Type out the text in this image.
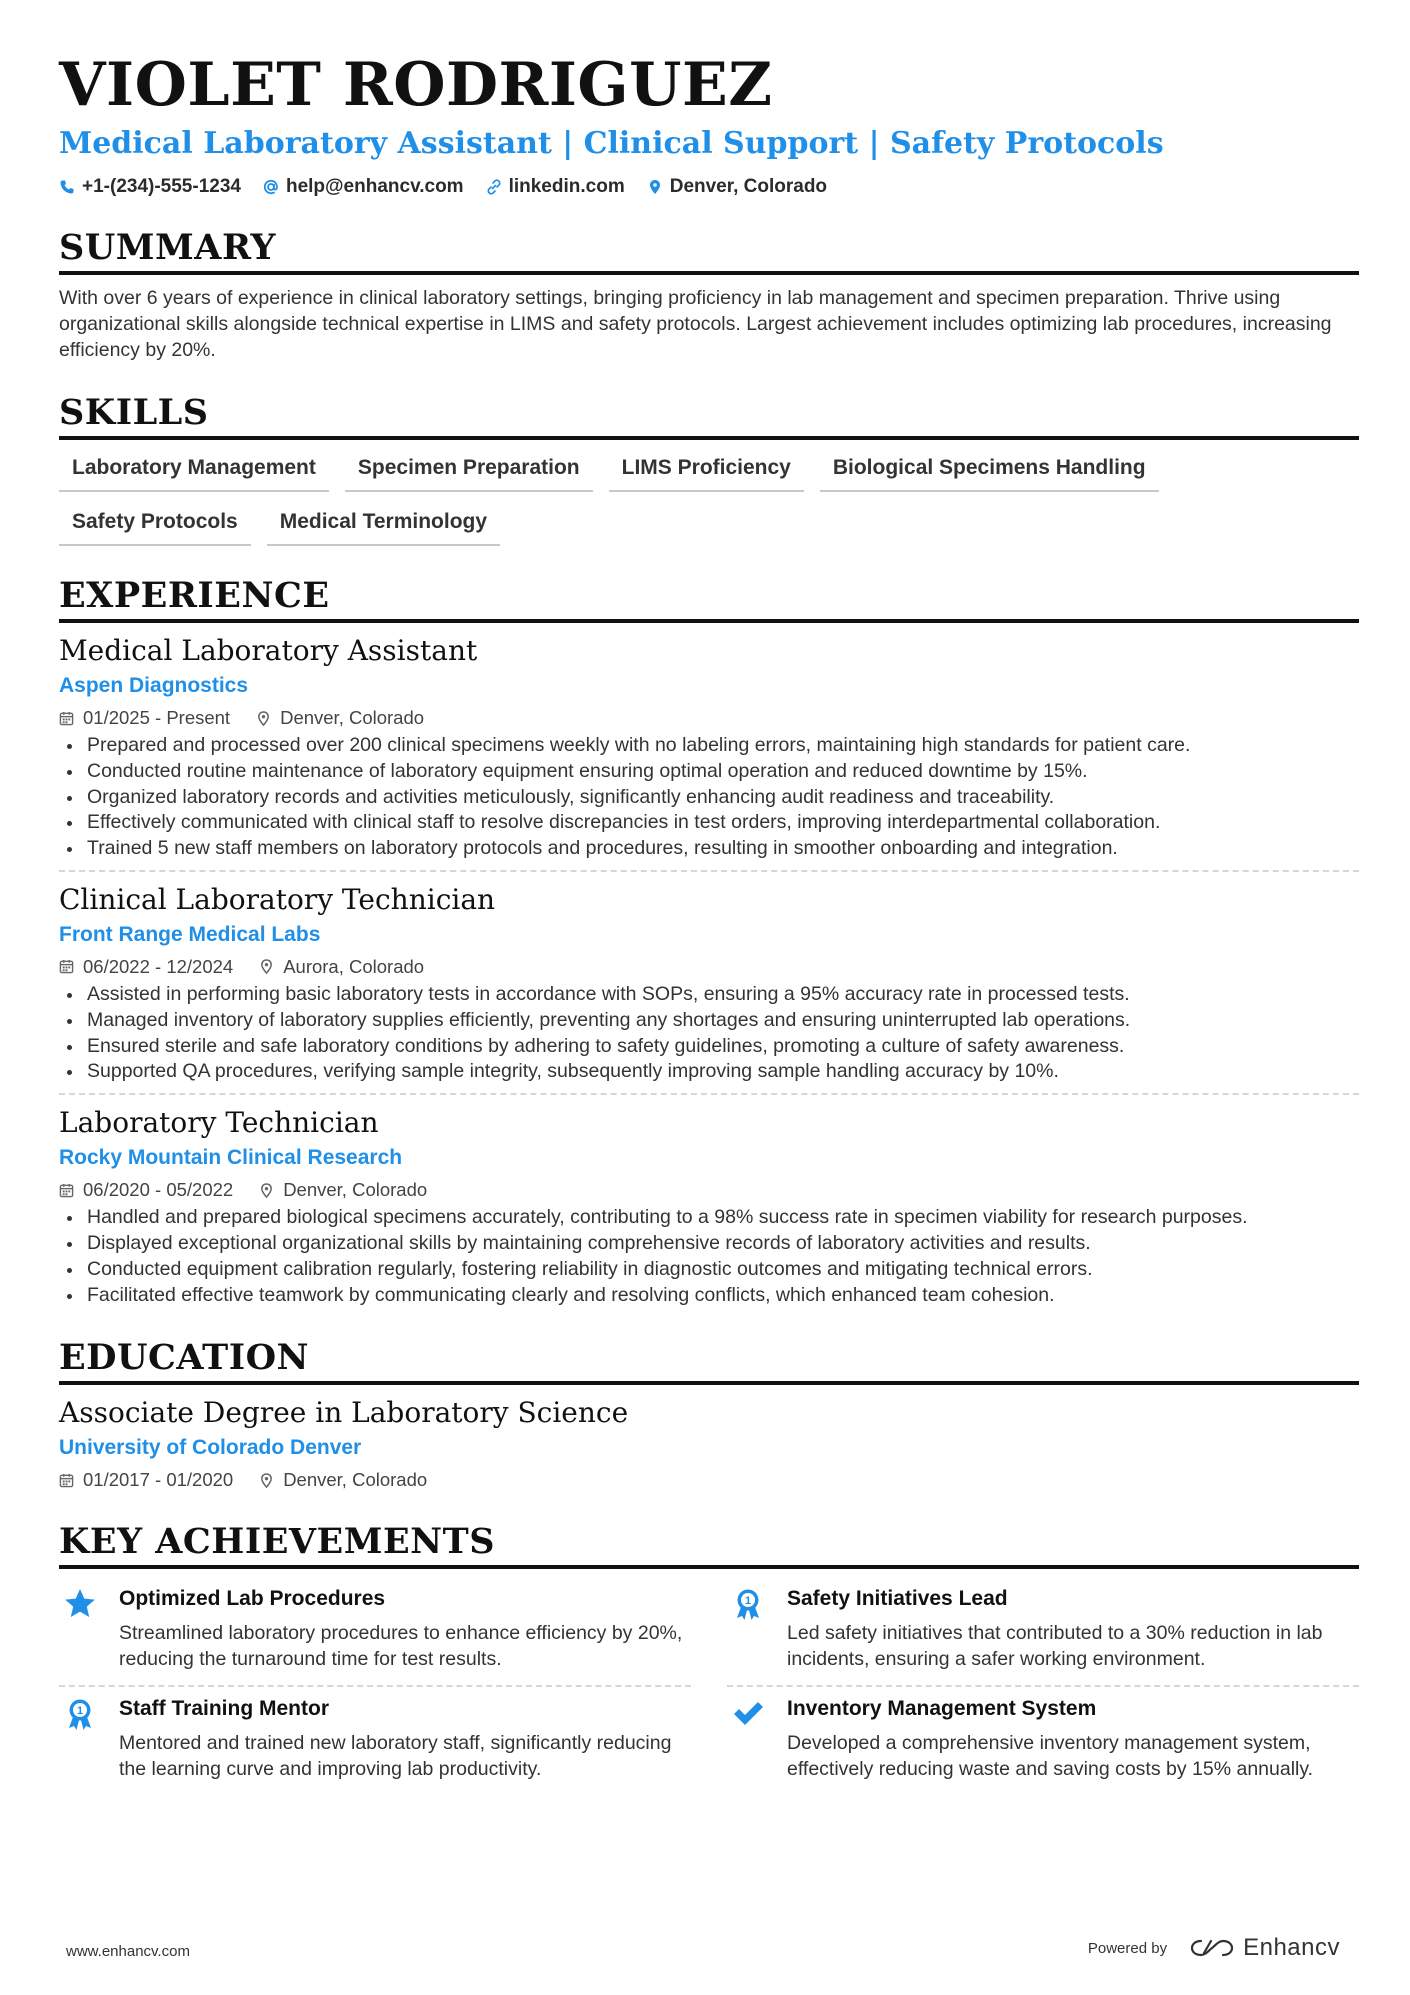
VIOLET RODRIGUEZ
Medical Laboratory Assistant | Clinical Support | Safety Protocols
+1-(234)-555-1234 help@enhancv.com linkedin.com Denver, Colorado
SUMMARY
With over 6 years of experience in clinical laboratory settings, bringing proficiency in lab management and specimen preparation. Thrive using organizational skills alongside technical expertise in LIMS and safety protocols. Largest achievement includes optimizing lab procedures, increasing efficiency by 20%.
SKILLS
Laboratory Management	Specimen Preparation	LIMS Proficiency	Biological Specimens Handling
Safety Protocols	Medical Terminology
EXPERIENCE
Medical Laboratory Assistant
Aspen Diagnostics
01/2025 - Present	Denver, Colorado
Prepared and processed over 200 clinical specimens weekly with no labeling errors, maintaining high standards for patient care.
Conducted routine maintenance of laboratory equipment ensuring optimal operation and reduced downtime by 15%.
Organized laboratory records and activities meticulously, significantly enhancing audit readiness and traceability.
Effectively communicated with clinical staff to resolve discrepancies in test orders, improving interdepartmental collaboration.
Trained 5 new staff members on laboratory protocols and procedures, resulting in smoother onboarding and integration.
Clinical Laboratory Technician
Front Range Medical Labs
06/2022 - 12/2024	Aurora, Colorado
Assisted in performing basic laboratory tests in accordance with SOPs, ensuring a 95% accuracy rate in processed tests.
Managed inventory of laboratory supplies efficiently, preventing any shortages and ensuring uninterrupted lab operations.
Ensured sterile and safe laboratory conditions by adhering to safety guidelines, promoting a culture of safety awareness.
Supported QA procedures, verifying sample integrity, subsequently improving sample handling accuracy by 10%.
Laboratory Technician
Rocky Mountain Clinical Research
06/2020 - 05/2022	Denver, Colorado
Handled and prepared biological specimens accurately, contributing to a 98% success rate in specimen viability for research purposes.
Displayed exceptional organizational skills by maintaining comprehensive records of laboratory activities and results.
Conducted equipment calibration regularly, fostering reliability in diagnostic outcomes and mitigating technical errors.
Facilitated effective teamwork by communicating clearly and resolving conflicts, which enhanced team cohesion.
EDUCATION
Associate Degree in Laboratory Science
University of Colorado Denver
01/2017 - 01/2020	Denver, Colorado
KEY ACHIEVEMENTS
Optimized Lab Procedures
Streamlined laboratory procedures to enhance efficiency by 20%, reducing the turnaround time for test results.
1 Safety Initiatives Lead
Led safety initiatives that contributed to a 30% reduction in lab incidents, ensuring a safer working environment.
1 Staff Training Mentor
Mentored and trained new laboratory staff, significantly reducing the learning curve and improving lab productivity.
Inventory Management System
Developed a comprehensive inventory management system, effectively reducing waste and saving costs by 15% annually.
www.enhancv.com	Powered by	Enhancv
